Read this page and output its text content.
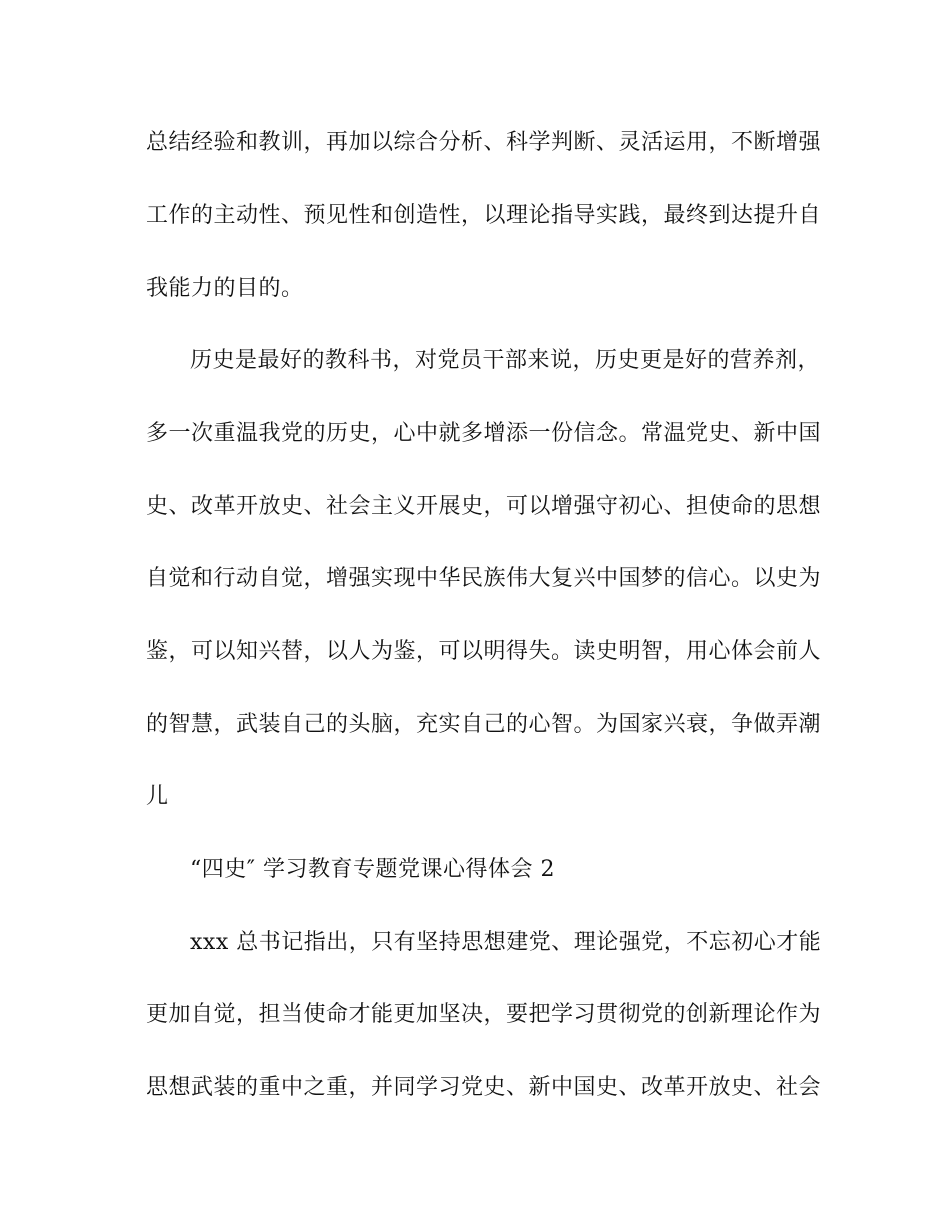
总结经验和教训，再加以综合分析、科学判断、灵活运用，不断增强
工作的主动性、预见性和创造性，以理论指导实践，最终到达提升自
我能力的目的。
历史是最好的教科书，对党员干部来说，历史更是好的营养剂，
多一次重温我党的历史，心中就多增添一份信念。常温党史、新中国
史、改革开放史、社会主义开展史，可以增强守初心、担使命的思想
自觉和行动自觉，增强实现中华民族伟大复兴中国梦的信心。以史为
鉴，可以知兴替，以人为鉴，可以明得失。读史明智，用心体会前人
的智慧，武装自己的头脑，充实自己的心智。为国家兴衰，争做弄潮
儿
“四史″ 学习教育专题党课心得体会 2
xxx 总书记指出，只有坚持思想建党、理论强党，不忘初心才能
更加自觉，担当使命才能更加坚决，要把学习贯彻党的创新理论作为
思想武装的重中之重，并同学习党史、新中国史、改革开放史、社会
